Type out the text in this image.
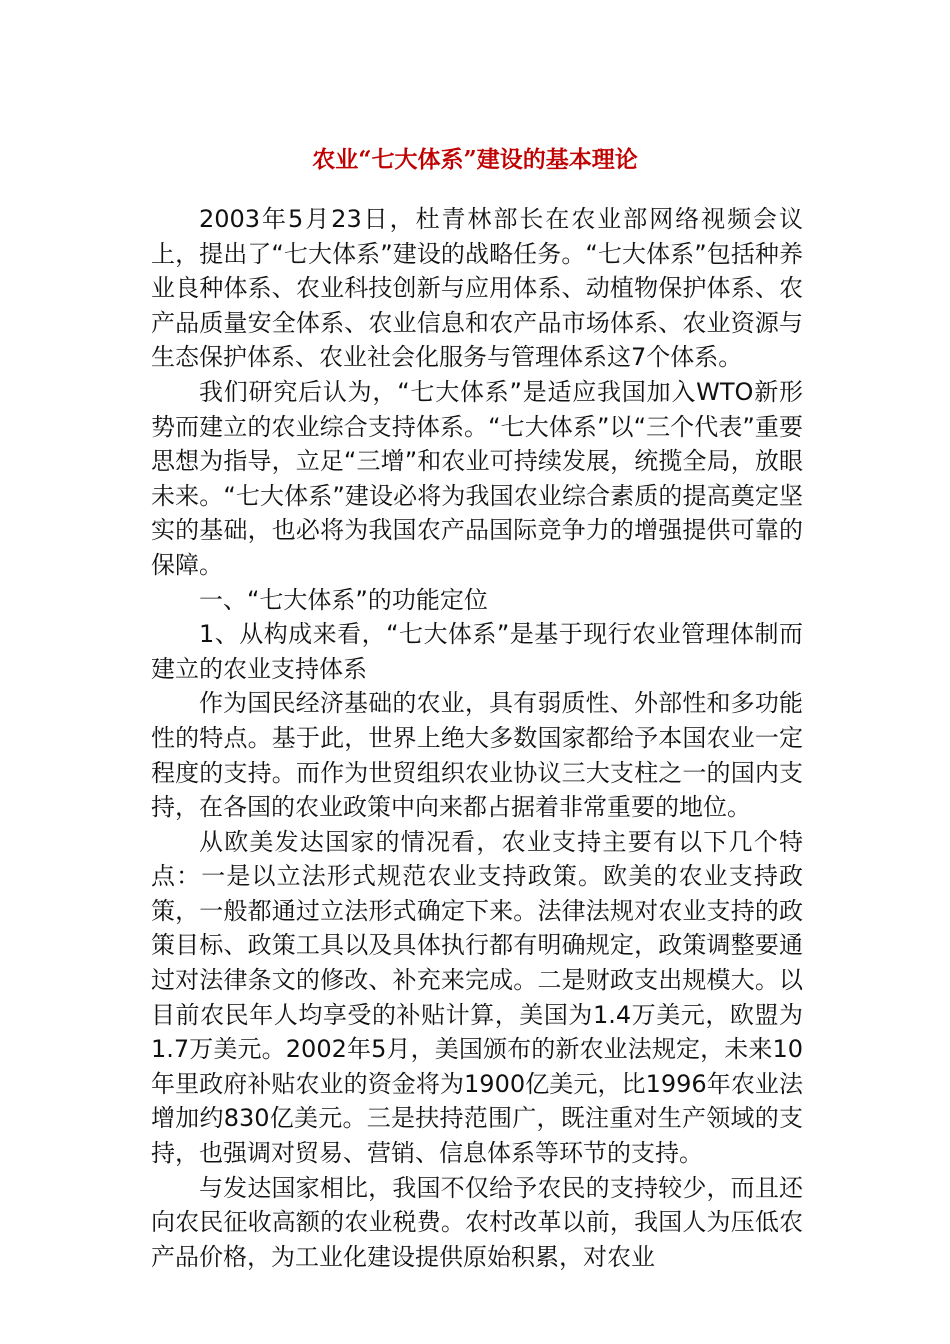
农业“七大体系”建设的基本理论

2003年5月23日，杜青林部长在农业部网络视频会议上，提出了“七大体系”建设的战略任务。“七大体系”包括种养业良种体系、农业科技创新与应用体系、动植物保护体系、农产品质量安全体系、农业信息和农产品市场体系、农业资源与生态保护体系、农业社会化服务与管理体系这7个体系。

我们研究后认为，“七大体系”是适应我国加入WTO新形势而建立的农业综合支持体系。“七大体系”以“三个代表”重要思想为指导，立足“三增”和农业可持续发展，统揽全局，放眼未来。“七大体系”建设必将为我国农业综合素质的提高奠定坚实的基础，也必将为我国农产品国际竞争力的增强提供可靠的保障。

一、“七大体系”的功能定位

1、从构成来看，“七大体系”是基于现行农业管理体制而建立的农业支持体系

作为国民经济基础的农业，具有弱质性、外部性和多功能性的特点。基于此，世界上绝大多数国家都给予本国农业一定程度的支持。而作为世贸组织农业协议三大支柱之一的国内支持，在各国的农业政策中向来都占据着非常重要的地位。

从欧美发达国家的情况看，农业支持主要有以下几个特点：一是以立法形式规范农业支持政策。欧美的农业支持政策，一般都通过立法形式确定下来。法律法规对农业支持的政策目标、政策工具以及具体执行都有明确规定，政策调整要通过对法律条文的修改、补充来完成。二是财政支出规模大。以目前农民年人均享受的补贴计算，美国为1.4万美元，欧盟为1.7万美元。2002年5月，美国颁布的新农业法规定，未来10年里政府补贴农业的资金将为1900亿美元，比1996年农业法增加约830亿美元。三是扶持范围广，既注重对生产领域的支持，也强调对贸易、营销、信息体系等环节的支持。

与发达国家相比，我国不仅给予农民的支持较少，而且还向农民征收高额的农业税费。农村改革以前，我国人为压低农产品价格，为工业化建设提供原始积累，对农业
